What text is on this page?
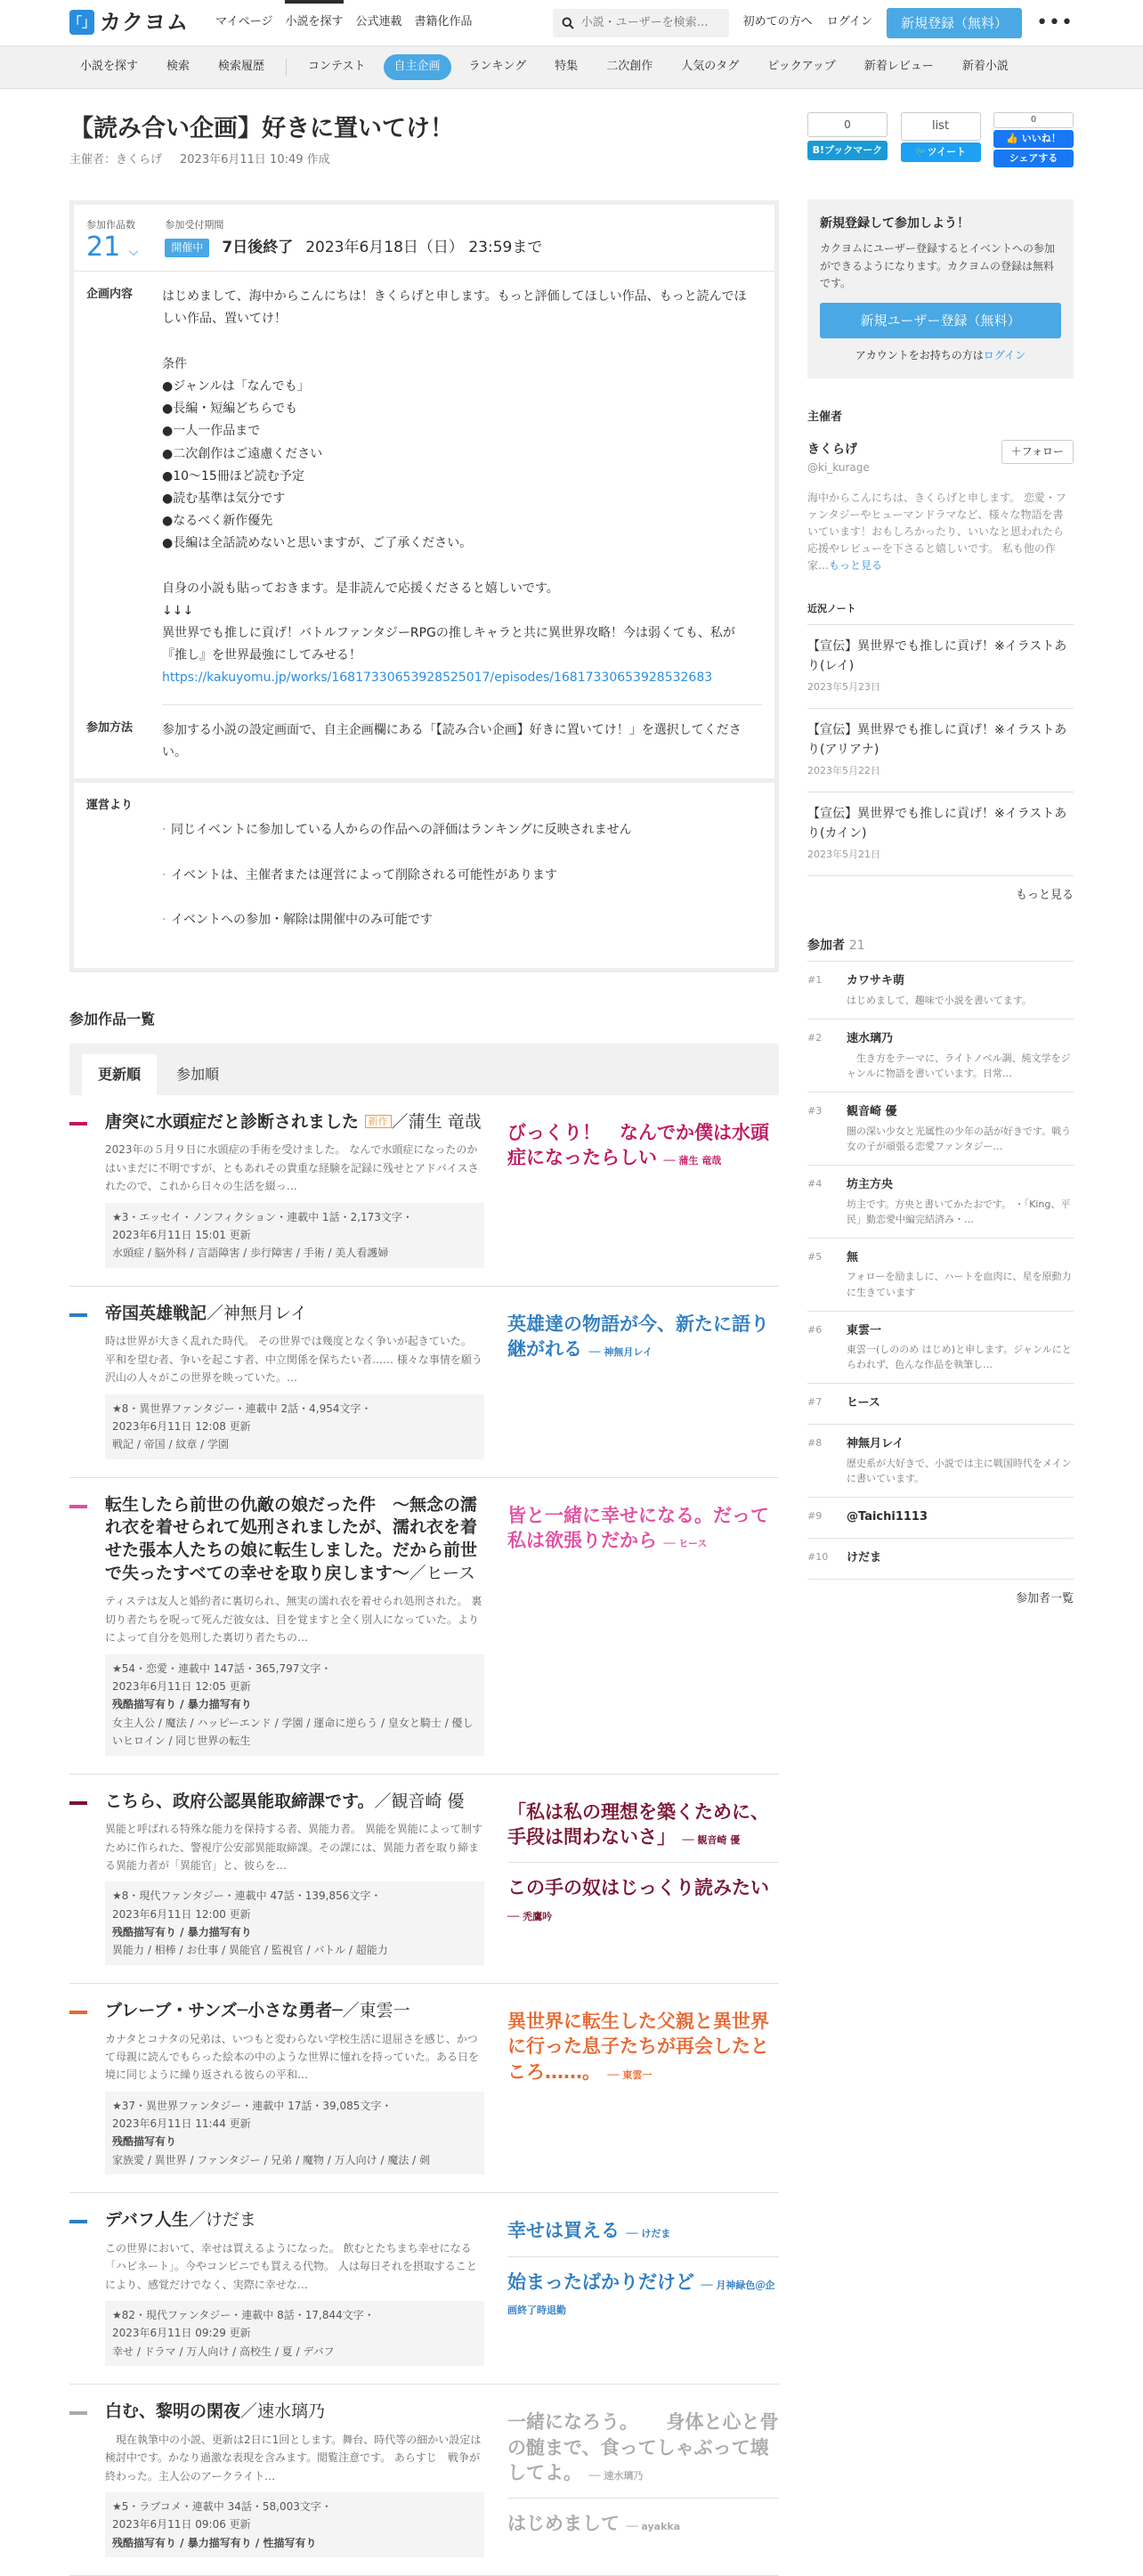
「」 カクヨム マイページ 小説を探す 公式連載 書籍化作品
小説・ユーザーを検索…	初めての方へ ログイン	新規登録（無料）	•••
小説を探す	検索	検索履歴	コンテスト	自主企画	ランキング	特集	二次創作	人気のタグ	ピックアップ	新着レビュー	新着小説
【読み合い企画】好きに置いてけ！
主催者：きくらげ 2023年6月11日 10:49 作成
参加作品数
21 ⌵
参加受付期間
開催中	7日後終了 2023年6月18日（日） 23:59まで
企画内容	はじめまして、海中からこんにちは！きくらげと申します。もっと評価してほしい作品、もっと読んでほしい作品、置いてけ！

条件
●ジャンルは「なんでも」
●長編・短編どちらでも
●一人一作品まで
●二次創作はご遠慮ください
●10～15冊ほど読む予定
●読む基準は気分です
●なるべく新作優先
●長編は全話読めないと思いますが、ご了承ください。

自身の小説も貼っておきます。是非読んで応援くださると嬉しいです。
↓↓↓
異世界でも推しに貢げ！バトルファンタジーRPGの推しキャラと共に異世界攻略！今は弱くても、私が『推し』を世界最強にしてみせる！
https://kakuyomu.jp/works/16817330653928525017/episodes/16817330653928532683
参加方法	参加する小説の設定画面で、自主企画欄にある「【読み合い企画】好きに置いてけ！」を選択してください。
運営より

· 同じイベントに参加している人からの作品への評価はランキングに反映されません

· イベントは、主催者または運営によって削除される可能性があります

· イベントへの参加・解除は開催中のみ可能です

参加作品一覧
更新順	参加順
唐突に水頭症だと診断されました 新作 ／蒲生 竜哉
2023年の５月９日に水頭症の手術を受けました。 なんで水頭症になったのかはいまだに不明ですが、ともあれその貴重な経験を記録に残せとアドバイスされたので、これから日々の生活を綴っ…
★3・エッセイ・ノンフィクション・連載中 1話・2,173文字・
2023年6月11日 15:01 更新
水頭症 / 脳外科 / 言語障害 / 歩行障害 / 手術 / 美人看護婦
びっくり！　なんでか僕は水頭症になったらしい ── 蒲生 竜哉
帝国英雄戦記／神無月レイ
時は世界が大きく乱れた時代。 その世界では幾度となく争いが起きていた。 平和を望む者、争いを起こす者、中立関係を保ちたい者…… 様々な事情を願う沢山の人々がこの世界を映っていた。…
★8・異世界ファンタジー・連載中 2話・4,954文字・
2023年6月11日 12:08 更新
戦記 / 帝国 / 紋章 / 学園
英雄達の物語が今、新たに語り継がれる ── 神無月レイ
転生したら前世の仇敵の娘だった件　～無念の濡れ衣を着せられて処刑されましたが、濡れ衣を着せた張本人たちの娘に転生しました。だから前世で失ったすべての幸せを取り戻します～／ヒース
ティステは友人と婚約者に裏切られ、無実の濡れ衣を着せられ処刑された。 裏切り者たちを呪って死んだ彼女は、目を覚ますと全く別人になっていた。よりによって自分を処刑した裏切り者たちの…
★54・恋愛・連載中 147話・365,797文字・
2023年6月11日 12:05 更新
残酷描写有り / 暴力描写有り
女主人公 / 魔法 / ハッピーエンド / 学園 / 運命に逆らう / 皇女と騎士 / 優しいヒロイン / 同じ世界の転生
皆と一緒に幸せになる。だって私は欲張りだから ── ヒース
こちら、政府公認異能取締課です。／観音崎 優
異能と呼ばれる特殊な能力を保持する者、異能力者。 異能を異能によって制すために作られた、警視庁公安部異能取締課。その課には、異能力者を取り締まる異能力者が「異能官」と、彼らを…
★8・現代ファンタジー・連載中 47話・139,856文字・
2023年6月11日 12:00 更新
残酷描写有り / 暴力描写有り
異能力 / 相棒 / お仕事 / 異能官 / 監視官 / バトル / 超能力
「私は私の理想を築くために、手段は問わないさ」 ── 観音崎 優
この手の奴はじっくり読みたい ── 禿鷹吟
ブレーブ・サンズ─小さな勇者─／東雲一
カナタとコナタの兄弟は、いつもと変わらない学校生活に退屈さを感じ、かつて母親に読んでもらった絵本の中のような世界に憧れを持っていた。ある日を境に同じように繰り返される彼らの平和…
★37・異世界ファンタジー・連載中 17話・39,085文字・
2023年6月11日 11:44 更新
残酷描写有り
家族愛 / 異世界 / ファンタジー / 兄弟 / 魔物 / 万人向け / 魔法 / 剣
異世界に転生した父親と異世界に行った息子たちが再会したところ……。 ── 東雲一
デバフ人生／けだま
この世界において、幸せは買えるようになった。 飲むとたちまち幸せになる「ハピネート」。今やコンビニでも買える代物。 人は毎日それを摂取することにより、感覚だけでなく、実際に幸せな…
★82・現代ファンタジー・連載中 8話・17,844文字・
2023年6月11日 09:29 更新
幸せ / ドラマ / 万人向け / 高校生 / 夏 / デバフ
幸せは買える ── けだま
始まったばかりだけど ── 月神緑色＠企画終了時退勤
白む、黎明の閑夜／速水璃乃
　現在執筆中の小説、更新は2日に1回とします。舞台、時代等の細かい設定は検討中です。かなり過激な表現を含みます。閲覧注意です。 あらすじ　戦争が終わった。主人公のアークライト…
★5・ラブコメ・連載中 34話・58,003文字・
2023年6月11日 09:06 更新
残酷描写有り / 暴力描写有り / 性描写有り
一緒になろう。　　身体と心と骨の髄まで、食ってしゃぶって壊してよ。 ── 速水璃乃
はじめまして ── ayakka
0
B!ブックマーク
list
🐦ツイート
0
👍 いいね！
シェアする
新規登録して参加しよう！

カクヨムにユーザー登録するとイベントへの参加ができるようになります。カクヨムの登録は無料です。

新規ユーザー登録（無料）
アカウントをお持ちの方はログイン
主催者
きくらげ
@ki_kurage
＋フォロー
海中からこんにちは、きくらげと申します。 恋愛・ファンタジーやヒューマンドラマなど、様々な物語を書いています！おもしろかったり、いいなと思われたら応援やレビューを下さると嬉しいです。 私も他の作家…もっと見る
近況ノート
【宣伝】異世界でも推しに貢げ！※イラストあり(レイ)
2023年5月23日
【宣伝】異世界でも推しに貢げ！※イラストあり(アリアナ)
2023年5月22日
【宣伝】異世界でも推しに貢げ！※イラストあり(カイン)
2023年5月21日
もっと見る
参加者 21
#1	カワサキ萌
はじめまして、趣味で小説を書いてます。
#2	速水璃乃
　生き方をテーマに、ライトノベル調、純文学をジャンルに物語を書いています。日常…
#3	観音崎 優
闇の深い少女と光属性の少年の話が好きです。戦う女の子が頑張る恋愛ファンタジー…
#4	坊主方央
坊主です。方央と書いてかたおです。 ・「King、平民」勤恋愛中編完結済み・…
#5	無
フォローを励ましに、ハートを血肉に、星を原動力に生きています
#6	東雲一
東雲一(しののめ はじめ)と申します。ジャンルにとらわれず、色んな作品を執筆し…
#7	ヒース
#8	神無月レイ
歴史系が大好きで、小説では主に戦国時代をメインに書いています。
#9	@Taichi1113
#10	けだま
参加者一覧
